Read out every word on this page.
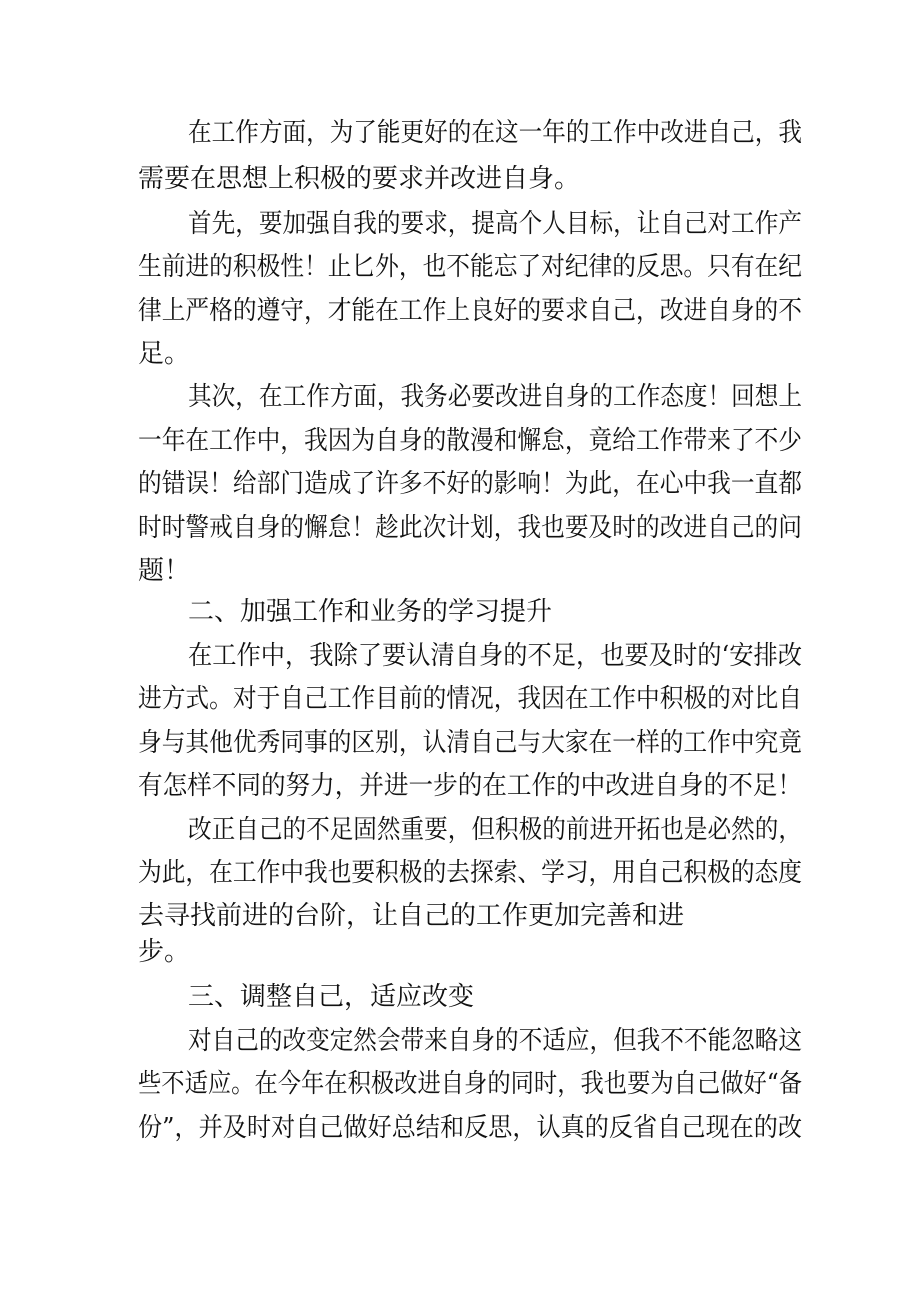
在工作方面，为了能更好的在这一年的工作中改进自己，我
需要在思想上积极的要求并改进自身。
首先，要加强自我的要求，提高个人目标，让自己对工作产
生前进的积极性！止匕外，也不能忘了对纪律的反思。只有在纪
律上严格的遵守，才能在工作上良好的要求自己，改进自身的不
足。
其次，在工作方面，我务必要改进自身的工作态度！回想上
一年在工作中，我因为自身的散漫和懈怠，竟给工作带来了不少
的错误！给部门造成了许多不好的影响！为此，在心中我一直都
时时警戒自身的懈怠！趁此次计划，我也要及时的改进自己的问
题！
二、加强工作和业务的学习提升
在工作中，我除了要认清自身的不足，也要及时的‘安排改
进方式。对于自己工作目前的情况，我因在工作中积极的对比自
身与其他优秀同事的区别，认清自己与大家在一样的工作中究竟
有怎样不同的努力，并进一步的在工作的中改进自身的不足！
改正自己的不足固然重要，但积极的前进开拓也是必然的，
为此，在工作中我也要积极的去探索、学习，用自己积极的态度
去寻找前进的台阶，让自己的工作更加完善和进
步。
三、调整自己，适应改变
对自己的改变定然会带来自身的不适应，但我不不能忽略这
些不适应。在今年在积极改进自身的同时，我也要为自己做好“备
份”，并及时对自己做好总结和反思，认真的反省自己现在的改
